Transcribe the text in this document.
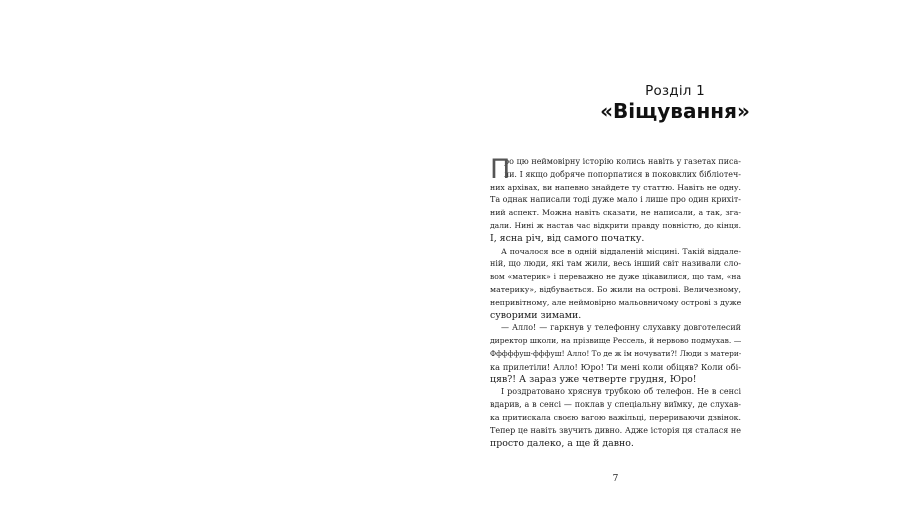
Розділ 1
«Віщування»
П
ро цю неймовірну історію колись навіть у газетах писа-
ли. І якщо добряче попорпатися в поковклих бібліотеч-
них архівах, ви напевно знайдете ту статтю. Навіть не одну.
Та однак написали тоді дуже мало і лише про один крихіт-
ний аспект. Можна навіть сказати, не написали, а так, зга-
дали. Нині ж настав час відкрити правду повністю, до кінця.
І, ясна річ, від самого початку.
А почалося все в одній віддаленій місцині. Такій віддале-
ній, що люди, які там жили, весь інший світ називали сло-
вом «материк» і переважно не дуже цікавилися, що там, «на
материку», відбувається. Бо жили на острові. Величезному,
непривітному, але неймовірно мальовничому острові з дуже
суворими зимами.
— Алло! — гаркнув у телефонну слухавку довготелесий
директор школи, на прізвище Рессель, й нервово подмухав. —
Фффффуш-фффуш! Алло! То де ж їм ночувати?! Люди з матери-
ка прилетіли! Алло! Юро! Ти мені коли обіцяв? Коли обі-
цяв?! А зараз уже четверте грудня, Юро!
І роздратовано хряснув трубкою об телефон. Не в сенсі
вдарив, а в сенсі — поклав у спеціальну виїмку, де слухав-
ка притискала своєю вагою важільці, перериваючи дзвінок.
Тепер це навіть звучить дивно. Адже історія ця сталася не
просто далеко, а ще й давно.
7
